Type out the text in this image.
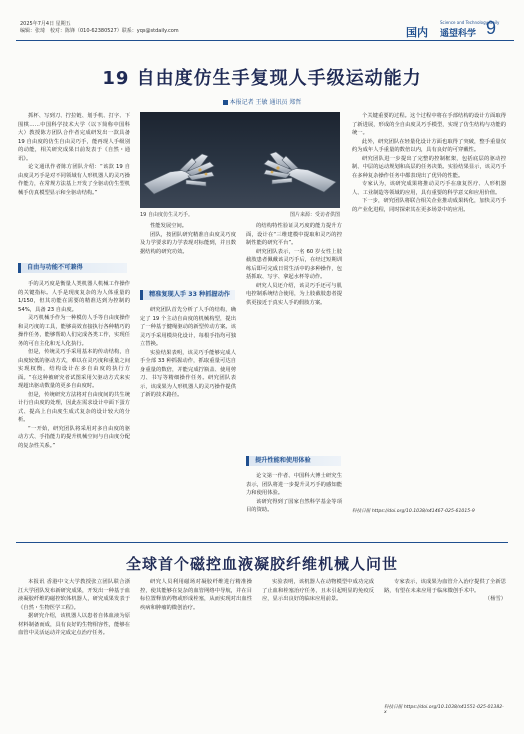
2025年7月4日 星期五
编辑：张琦　校对：陈锋（010-62380527）联系：yqs@stdaily.com	国内
Science and Technology Daily
遥望科学 9
19 自由度仿生手复现人手级运动能力
本报记者 王敏 通讯员 郑哲

抓杯、写到刀、拧拉链、划手机、打字、下围棋……中国科学技术大学（以下简称中国科大）教授陈方团队合作者完成研发出一款具备 19 自由度的仿生自由灵巧手，能再现人手级别的动能，相关研究成果日前发表于《自然・通讯》。

论文通讯作者陈方团队介绍：“该款 19 自由度灵巧手是对不同领域有人形机器人的灵巧操作能力，在常规方法基上开发了全驱动仿生型机械手仿真模型显示和全驱动结构。”

自由与功能不可兼得

手的灵巧度是衡量人类机器人机械工作操作的关键指标。人手是现度复杂的为人体重量的 1/150，但其功能在需要的精准达到为控制的 54%，具备 23 自由度。

灵巧机械手作为一种模仿人手等自由度操作和灵巧度的工具，能够高效直接执行各种精巧的操作任务，能够帮助人们完成各类工作，实现任务的可自主化和无人化执行。

但是，传统灵巧手采用基本的传动结构，自由度较低的驱动方式，难以在灵巧度和重量之间实现权衡，结构设计在多自由度的执行方面。“在这种被研究者试图采用欠驱动方式来实现超出驱动数量的更多自由度时。

但是，传统研究方法将对自由度间的共生统计行自由度的处理，因此在需求设计中面下蛋方式、提高上自由度生成式复杂的设计较大的分析。

“一开始，研究团队将采用对多自由度的驱动方式、手指能力的提升机械空间与自由度分配的复杂性关系。”

19 自由度仿生灵巧手。	图片来源：受访者供图

性能发展空间。

团队，按团队研究精准自由度灵巧度及力学要求的力学表现对标能到，并且数据结构的研究功效。

精准复现人手 33 种抓握动作

研究团队首先分析了人手的结构，确定了 19 个主动自由度的机械构型，提出了一种基于腱绳驱动的新型传动方案。该灵巧手采用模块化设计，每根手指均可独立替换。

实验结果表明，该灵巧手能够完成人手全部 33 种抓握动作，抓取重量可达自身重量的数倍，并能完成拧瓶盖、使用剪刀、书写等精细操作任务。研究团队表示，该成果为人形机器人的灵巧操作提供了新的技术路径。

的结构特性验证灵巧度的能力提升方面，设计在“三维建模中提取和灵巧的控制性能的研究平台”。

研究团队表示，一名 60 岁女性上肢截肢患者佩戴该灵巧手后，在经过短期训练后即可完成日常生活中的多种操作，包括抓取、写字、拿起水杯等动作。

研究人员还介绍，该灵巧手还可与肌电控制系统结合使用，为上肢截肢患者提供更接近于真实人手的假肢方案。

提升性能和使用体验

论文第一作者、中国科大博士研究生表示，团队将进一步提升灵巧手的感知能力和使用体验。

该研究得到了国家自然科学基金等项目的资助。

个关键重要的过程。这个过程中将在手部结构的设计方面取得了新进展，形成的全自由度灵巧手模型，实现了仿生结构与功能的统一。

此外，研究团队在轻量化设计方面也取得了突破，整手重量仅约为成年人手重量的数倍以内，具有良好的可穿戴性。

研究团队进一步提出了完整的控制框架，包括底层的驱动控制、中层的运动规划和高层的任务决策。实验结果显示，该灵巧手在多种复杂操作任务中都表现出了优异的性能。

专家认为，该研究成果将推动灵巧手在康复医疗、人形机器人、工业制造等领域的应用，具有重要的科学意义和应用价值。

下一步，研究团队将联合相关企业推动成果转化，加快灵巧手的产业化进程，同时探索其在更多场景中的应用。

科技日报 https://doi.org/10.1038/s41467-025-61015-9
全球首个磁控血液凝胶纤维机械人问世

本报讯 香港中文大学教授张立团队联合浙江大学团队发布新研究成果，开发出一种基于血液凝胶纤维的磁控软体机器人，研究成果发表于《自然・生物医学工程》。

据研究介绍，该机器人以患者自体血液为原材料制备而成，具有良好的生物相容性，能够在血管中灵活运动并完成定点治疗任务。

研究人员利用磁场对凝胶纤维进行精准操控，使其能够在复杂的血管网络中导航，并在目标位置释放药物或形成栓塞，从而实现对出血性疾病和肿瘤的微创治疗。

实验表明，该机器人在动物模型中成功完成了止血和栓塞治疗任务，且未引起明显的免疫反应，显示出良好的临床应用前景。

专家表示，该成果为血管介入治疗提供了全新思路，有望在未来应用于临床微创手术中。

（杨雪）

科技日报 https://doi.org/10.1038/s41551-025-01382-x
